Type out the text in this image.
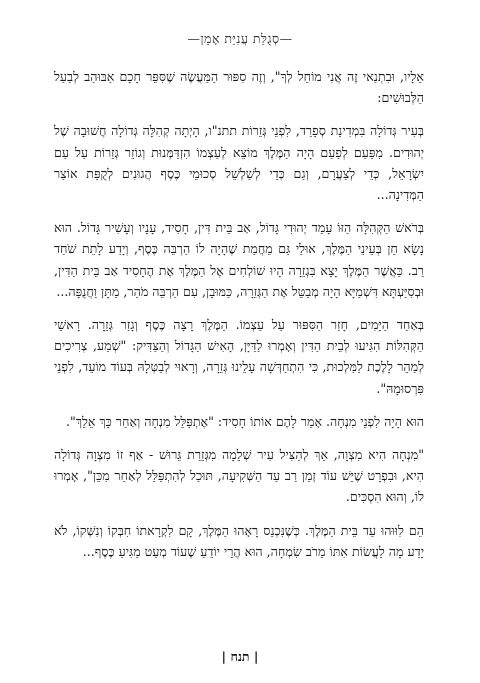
—סְגֻלַּת עֲנִיַּת אָמֵן—

אֵלָיו, וּבִתְנַאי זֶה אֲנִי מוֹחֵל לְךָ", וְזֶה סִפּוּר הַמַּעֲשֶׂה שֶׁסִּפֵּר חָכָם אַבּוּהַב לְבַעַל הַלְּבוּשִׁים:

בְּעִיר גְּדוֹלָה בִּמְדִינַת סְפָרַד, לִפְנֵי גְּזֵרוֹת תתנ"ו, הָיְתָה קְהִלָּה גְּדוֹלָה חֲשׁוּבָה שֶׁל יְהוּדִים. מִפַּעַם לְפַעַם הָיָה הַמֶּלֶךְ מוֹצֵא לְעַצְמוֹ הִזְדַּמְּנוּת וְגוֹזֵר גְּזֵרוֹת עַל עַם יִשְׂרָאֵל, כְּדֵי לְצַעֲרָם, וְגַם כְּדֵי לְשַׁלְשֵׁל סְכוּמֵי כֶּסֶף הֲגוּנִים לְקֻפַּת אוֹצַר הַמְּדִינָה...

בְּרֹאשׁ הַקְּהִלָּה הַזּוֹ עָמַד יְהוּדִי גָּדוֹל, אַב בֵּית דִּין, חָסִיד, עָנָיו וְעָשִׁיר גָּדוֹל. הוּא נָשָׂא חֵן בְּעֵינֵי הַמֶּלֶךְ, אוּלַי גַּם מֵחֲמַת שֶׁהָיָה לוֹ הַרְבֵּה כֶּסֶף, וְיָדַע לָתֵת שֹׁחַד רַב. כַּאֲשֶׁר הַמֶּלֶךְ יָצָא בִּגְזֵרָה הָיוּ שׁוֹלְחִים אֶל הַמֶּלֶךְ אֶת הֶחָסִיד אַב בֵּית הַדִּין, וּבְסִיַּעְתָּא דִּשְׁמַיָּא הָיָה מְבַטֵּל אֶת הַגְּזֵרָה, כַּמּוּבָן, עִם הַרְבֵּה מֹהַר, מַתָּן וַחֲנֻפָּה...

בְּאַחַד הַיָּמִים, חָזַר הַסִּפּוּר עַל עַצְמוֹ. הַמֶּלֶךְ רָצָה כֶּסֶף וְגָזַר גְּזֵרָה. רָאשֵׁי הַקְּהִלּוֹת הִגִּיעוּ לְבֵית הַדִּין וְאָמְרוּ לַדַּיָּן, הָאִישׁ הַגָּדוֹל וְהַצַּדִּיק: "שְׁמַע, צְרִיכִים לְמַהֵר לָלֶכֶת לַמַּלְכוּת, כִּי הִתְחַדְּשָׁה עָלֵינוּ גְּזֵרָה, וְרָאוּי לְבַטְּלָהּ בְּעוֹד מוֹעֵד, לִפְנֵי פִּרְסוּמָהּ".

הוּא הָיָה לִפְנֵי מִנְחָה. אָמַר לָהֶם אוֹתוֹ חָסִיד: "אֶתְפַּלֵּל מִנְחָה וְאַחַר כָּךְ אֵלֵךְ".

"מִנְחָה הִיא מִצְוָה, אַךְ לְהַצִּיל עִיר שְׁלֵמָה מִגְּזֵרַת גֵּרוּשׁ - אַף זוֹ מִצְוָה גְּדוֹלָה הִיא, וּבִפְרָט שֶׁיֵּשׁ עוֹד זְמַן רַב עַד הַשְּׁקִיעָה, תּוּכַל לְהִתְפַּלֵּל לְאַחַר מִכֵּן", אָמְרוּ לוֹ, וְהוּא הִסְכִּים.

הֵם לִוּוּהוּ עַד בֵּית הַמֶּלֶךְ. כְּשֶׁנִּכְנַס רָאָהוּ הַמֶּלֶךְ, קָם לִקְרָאתוֹ חִבְּקוֹ וְנִשְּׁקוֹ, לֹא יָדַע מָה לַעֲשׂוֹת אִתּוֹ מֵרֹב שִׂמְחָה, הוּא הֲרֵי יוֹדֵעַ שֶׁעוֹד מְעַט מַגִּיעַ כֶּסֶף...

| תנח |
